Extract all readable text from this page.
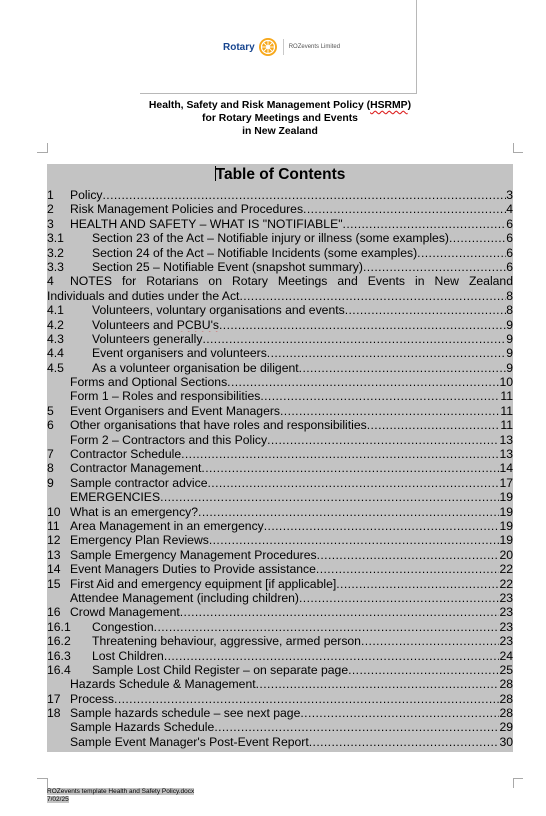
Rotary	ROZevents Limited
Health, Safety and Risk Management Policy (HSRMP)
for Rotary Meetings and Events
in New Zealand
Table of Contents
1	Policy .....	3
2	Risk Management Policies and Procedures .....	4
3	HEALTH AND SAFETY – WHAT IS "NOTIFIABLE" .....	6
3.1	Section 23 of the Act – Notifiable injury or illness (some examples) .....	6
3.2	Section 24 of the Act – Notifiable Incidents (some examples) .....	6
3.3	Section 25 – Notifiable Event (snapshot summary) .....	6
4	NOTES for Rotarians on Rotary Meetings and Events in New Zealand
Individuals and duties under the Act .....	8
4.1	Volunteers, voluntary organisations and events .....	8
4.2	Volunteers and PCBU's .....	9
4.3	Volunteers generally .....	9
4.4	Event organisers and volunteers .....	9
4.5	As a volunteer organisation be diligent .....	9
Forms and Optional Sections .....	10
Form 1 – Roles and responsibilities .....	11
5	Event Organisers and Event Managers .....	11
6	Other organisations that have roles and responsibilities .....	11
Form 2 – Contractors and this Policy .....	13
7	Contractor Schedule .....	13
8	Contractor Management .....	14
9	Sample contractor advice .....	17
EMERGENCIES .....	19
10 What is an emergency? .....	19
11 Area Management in an emergency .....	19
12 Emergency Plan Reviews .....	19
13 Sample Emergency Management Procedures .....	20
14 Event Managers Duties to Provide assistance .....	22
15 First Aid and emergency equipment [if applicable] .....	22
Attendee Management (including children) .....	23
16 Crowd Management .....	23
16.1	Congestion .....	23
16.2	Threatening behaviour, aggressive, armed person .....	23
16.3	Lost Children .....	24
16.4	Sample Lost Child Register – on separate page .....	25
Hazards Schedule & Management .....	28
17 Process .....	28
18 Sample hazards schedule – see next page .....	28
Sample Hazards Schedule .....	29
Sample Event Manager's Post-Event Report .....	30
ROZevents template Health and Safety Policy.docx
7/02/25
